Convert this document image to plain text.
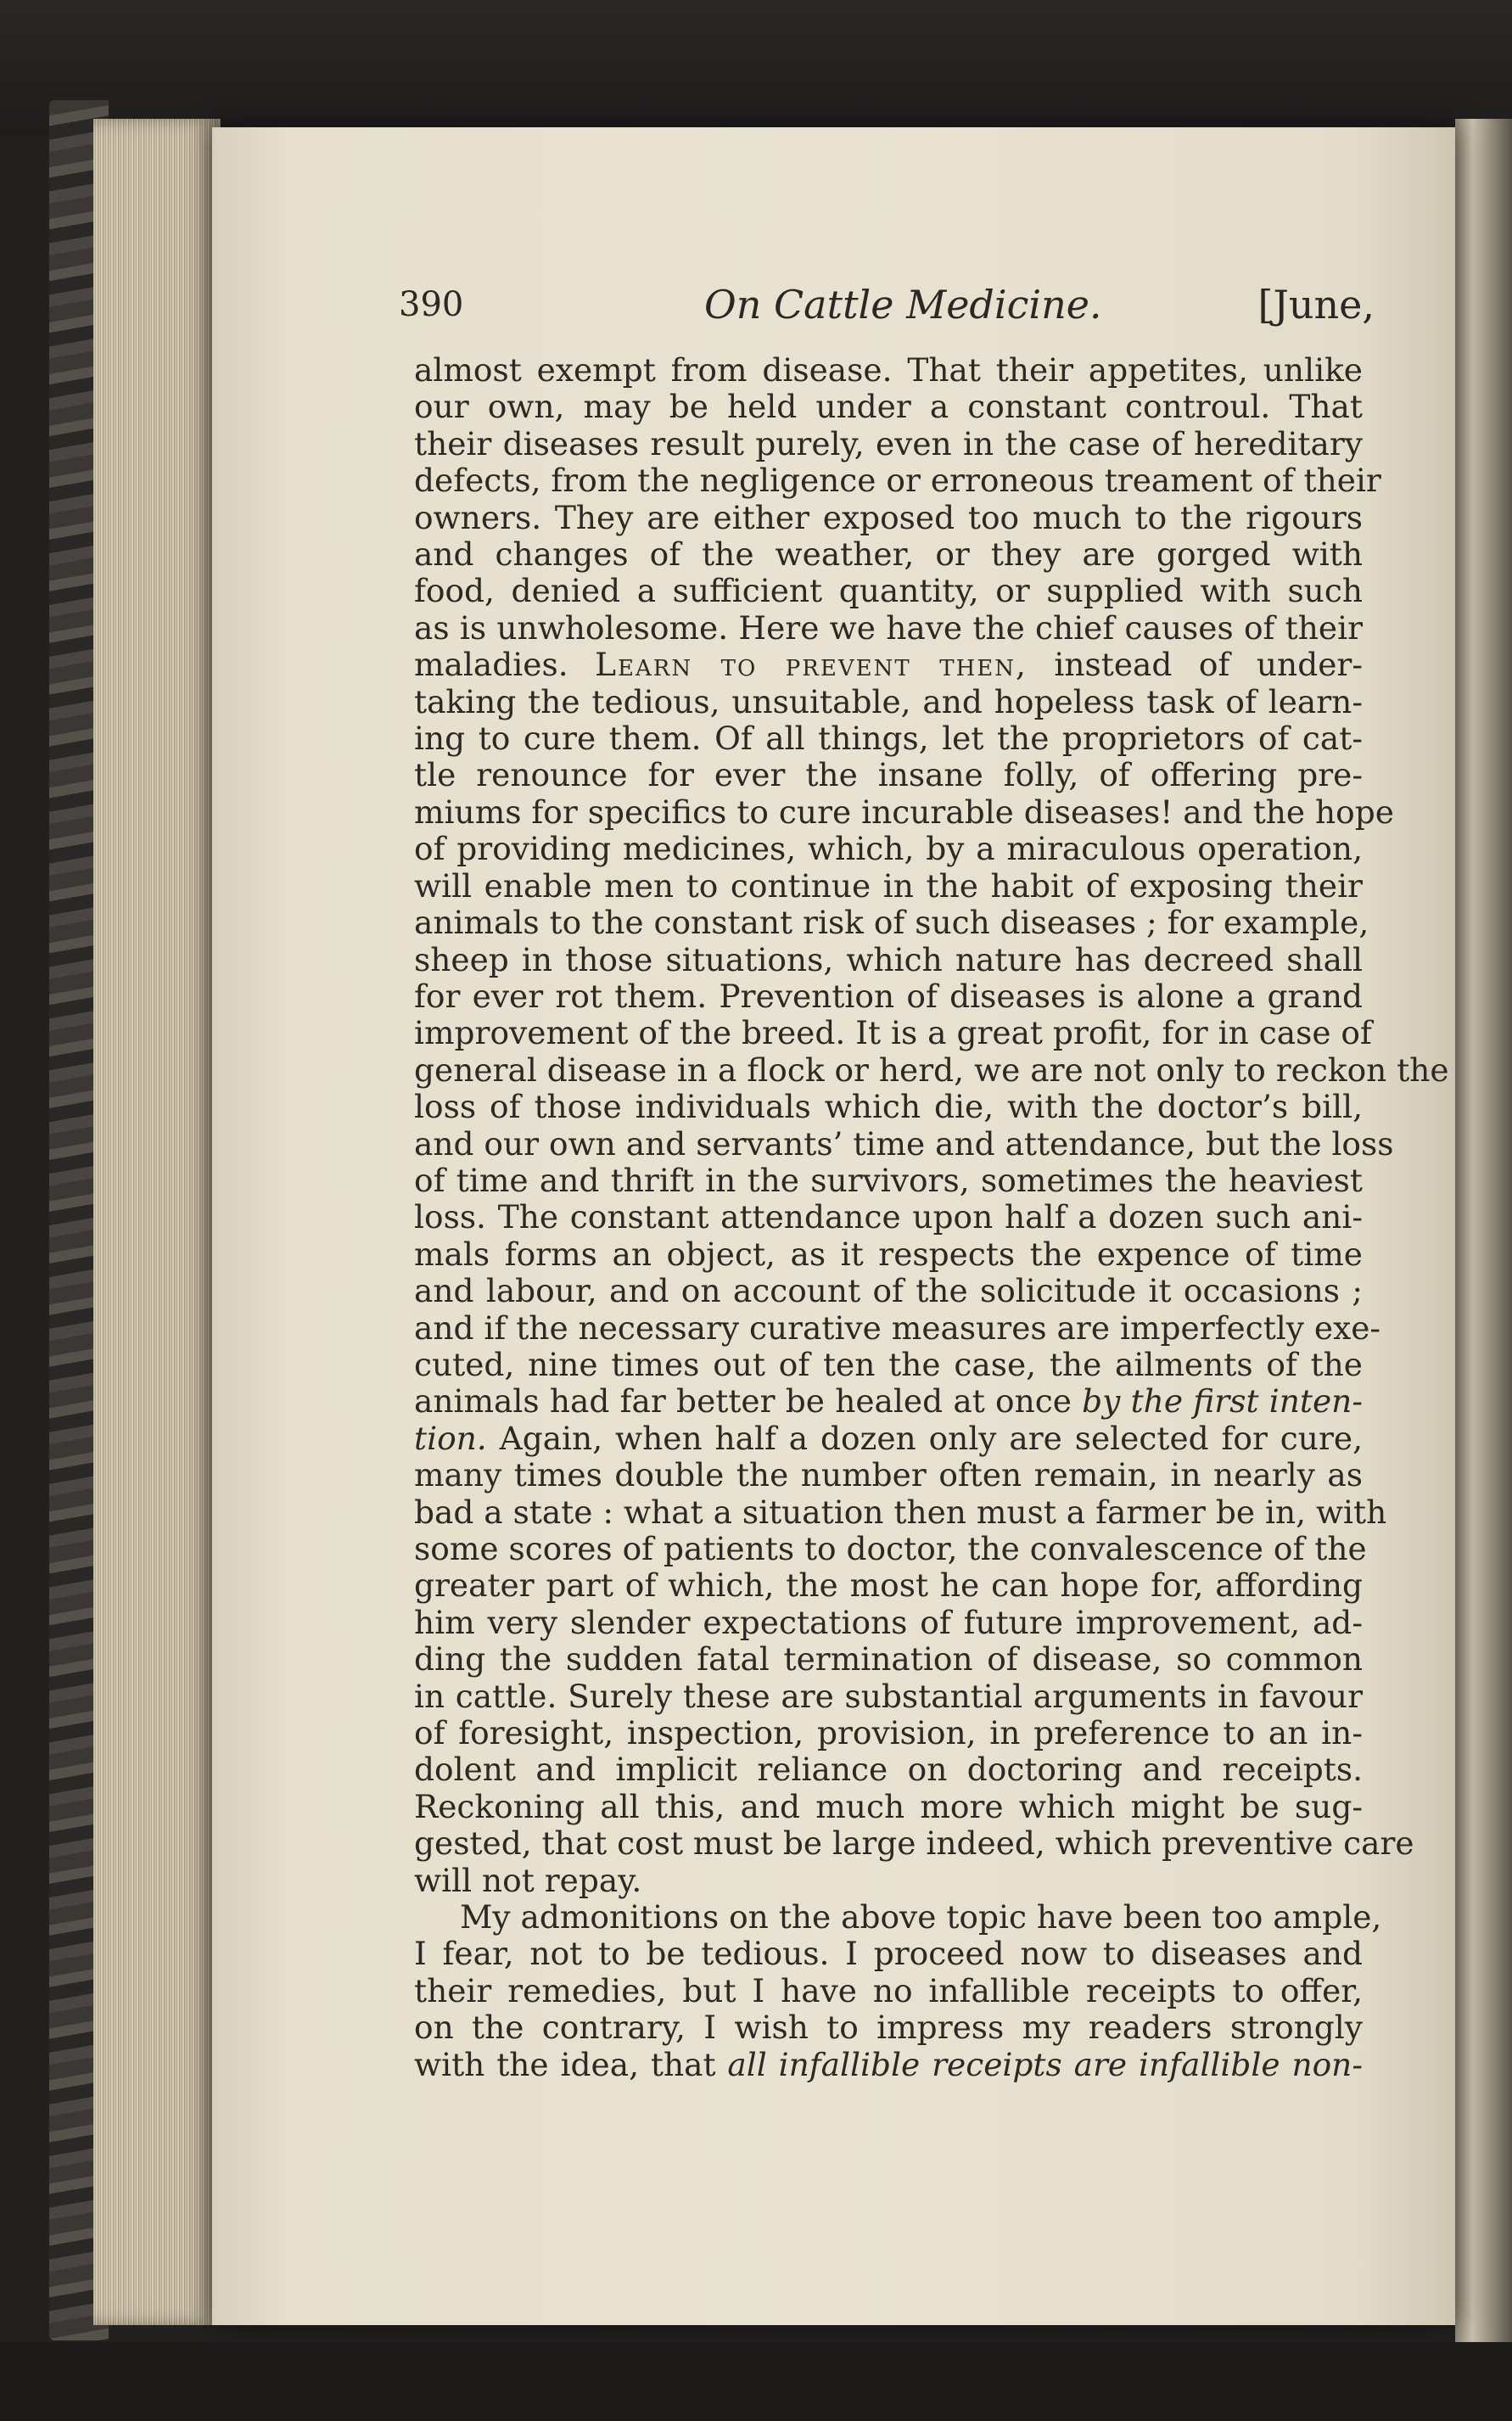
390	On Cattle Medicine.	[June,
almost exempt from disease. That their appetites, unlike
our own, may be held under a constant controul. That
their diseases result purely, even in the case of hereditary
defects, from the negligence or erroneous treament of their
owners. They are either exposed too much to the rigours
and changes of the weather, or they are gorged with
food, denied a sufficient quantity, or supplied with such
as is unwholesome. Here we have the chief causes of their
maladies. Learn to prevent then, instead of under-
taking the tedious, unsuitable, and hopeless task of learn-
ing to cure them. Of all things, let the proprietors of cat-
tle renounce for ever the insane folly, of offering pre-
miums for specifics to cure incurable diseases! and the hope
of providing medicines, which, by a miraculous operation,
will enable men to continue in the habit of exposing their
animals to the constant risk of such diseases ; for example,
sheep in those situations, which nature has decreed shall
for ever rot them. Prevention of diseases is alone a grand
improvement of the breed. It is a great profit, for in case of
general disease in a flock or herd, we are not only to reckon the
loss of those individuals which die, with the doctor’s bill,
and our own and servants’ time and attendance, but the loss
of time and thrift in the survivors, sometimes the heaviest
loss. The constant attendance upon half a dozen such ani-
mals forms an object, as it respects the expence of time
and labour, and on account of the solicitude it occasions ;
and if the necessary curative measures are imperfectly exe-
cuted, nine times out of ten the case, the ailments of the
animals had far better be healed at once by the first inten-
tion. Again, when half a dozen only are selected for cure,
many times double the number often remain, in nearly as
bad a state : what a situation then must a farmer be in, with
some scores of patients to doctor, the convalescence of the
greater part of which, the most he can hope for, affording
him very slender expectations of future improvement, ad-
ding the sudden fatal termination of disease, so common
in cattle. Surely these are substantial arguments in favour
of foresight, inspection, provision, in preference to an in-
dolent and implicit reliance on doctoring and receipts.
Reckoning all this, and much more which might be sug-
gested, that cost must be large indeed, which preventive care
will not repay.
My admonitions on the above topic have been too ample,
I fear, not to be tedious. I proceed now to diseases and
their remedies, but I have no infallible receipts to offer,
on the contrary, I wish to impress my readers strongly
with the idea, that all infallible receipts are infallible non-
